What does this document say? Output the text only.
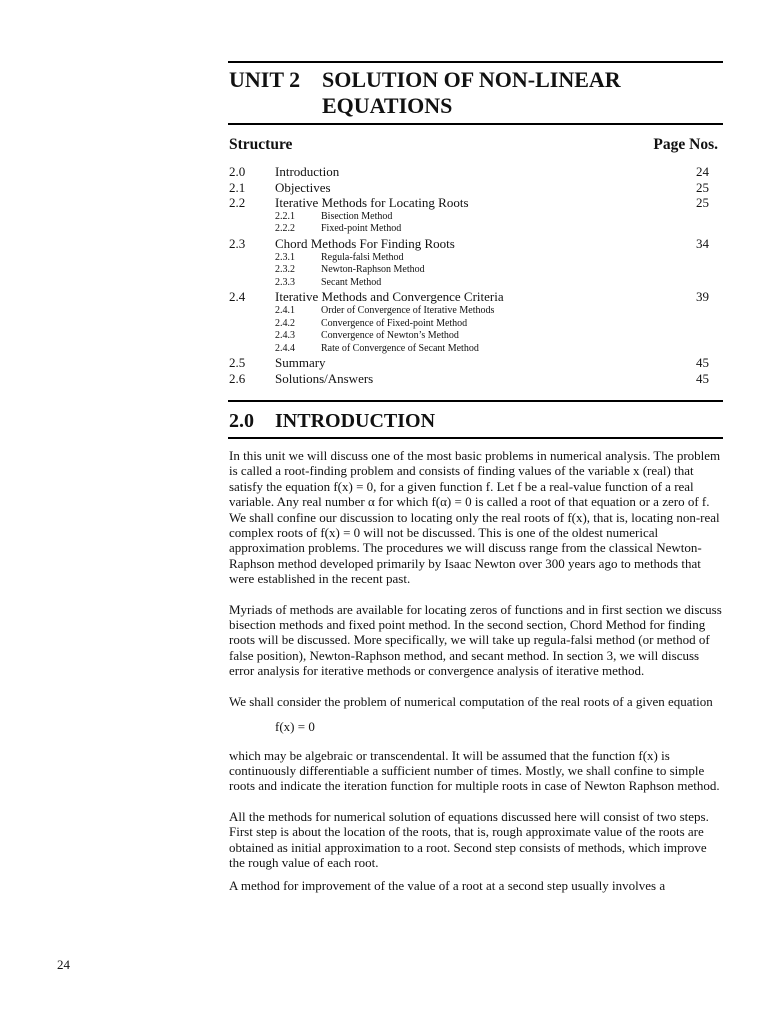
UNIT 2 SOLUTION OF NON-LINEAR
EQUATIONS
Structure	Page Nos.
2.0 Introduction	24
2.1 Objectives	25
2.2 Iterative Methods for Locating Roots	25
2.2.1	Bisection Method
2.2.2	Fixed-point Method
2.3 Chord Methods For Finding Roots	34
2.3.1	Regula-falsi Method
2.3.2	Newton-Raphson Method
2.3.3	Secant Method
2.4 Iterative Methods and Convergence Criteria	39
2.4.1	Order of Convergence of Iterative Methods
2.4.2	Convergence of Fixed-point Method
2.4.3	Convergence of Newton’s Method
2.4.4	Rate of Convergence of Secant Method
2.5 Summary	45
2.6 Solutions/Answers	45
2.0 INTRODUCTION

In this unit we will discuss one of the most basic problems in numerical analysis. The problem is called a root-finding problem and consists of finding values of the variable x (real) that satisfy the equation f(x) = 0, for a given function f. Let f be a real-value function of a real variable. Any real number α for which f(α) = 0 is called a root of that equation or a zero of f. We shall confine our discussion to locating only the real roots of f(x), that is, locating non-real complex roots of f(x) = 0 will not be discussed. This is one of the oldest numerical approximation problems. The procedures we will discuss range from the classical Newton-Raphson method developed primarily by Isaac Newton over 300 years ago to methods that were established in the recent past.

Myriads of methods are available for locating zeros of functions and in first section we discuss bisection methods and fixed point method. In the second section, Chord Method for finding roots will be discussed. More specifically, we will take up regula-falsi method (or method of false position), Newton-Raphson method, and secant method. In section 3, we will discuss error analysis for iterative methods or convergence analysis of iterative method.

We shall consider the problem of numerical computation of the real roots of a given equation

f(x) = 0

which may be algebraic or transcendental. It will be assumed that the function f(x) is continuously differentiable a sufficient number of times. Mostly, we shall confine to simple roots and indicate the iteration function for multiple roots in case of Newton Raphson method.

All the methods for numerical solution of equations discussed here will consist of two steps. First step is about the location of the roots, that is, rough approximate value of the roots are obtained as initial approximation to a root. Second step consists of methods, which improve the rough value of each root.

A method for improvement of the value of a root at a second step usually involves a

24
